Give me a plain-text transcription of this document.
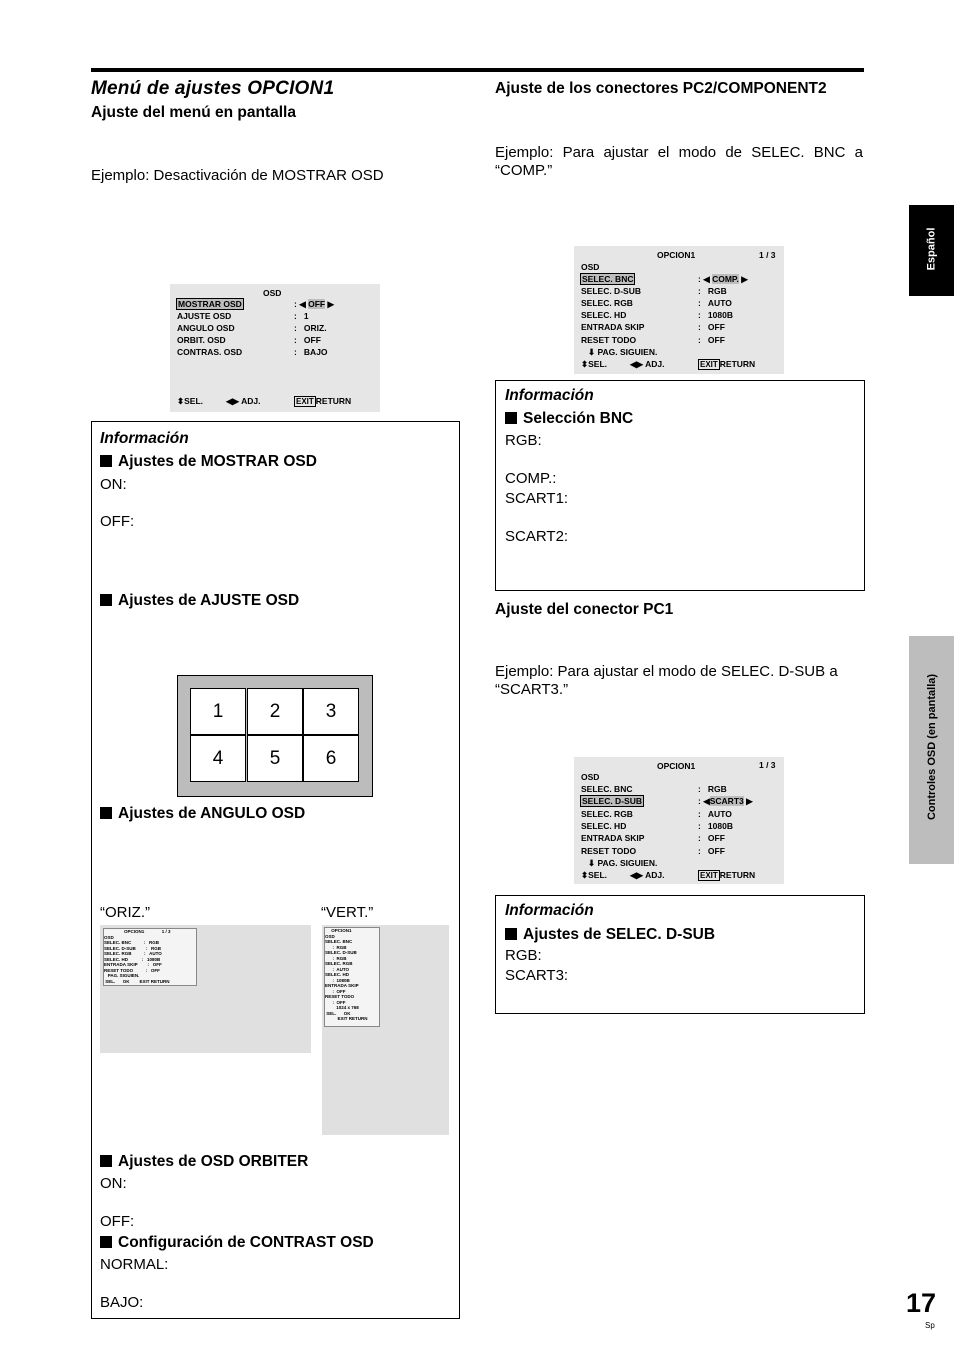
Menú de ajustes OPCION1
Ajuste del menú en pantalla
Ejemplo: Desactivación de MOSTRAR OSD
OSD
MOSTRAR OSD	: ◀ OFF ▶
AJUSTE OSD	:   1
ANGULO OSD	:   ORIZ.
ORBIT. OSD	:   OFF
CONTRAS. OSD	:   BAJO
⬍SEL.	◀▶ ADJ.	EXIT RETURN
Información
Ajustes de MOSTRAR OSD
ON:
OFF:
Ajustes de AJUSTE OSD
Ajustes de ANGULO OSD
“ORIZ.”	“VERT.”
Ajustes de OSD ORBITER
ON:
OFF:
Configuración de CONTRAST OSD
NORMAL:
BAJO:
1	2	3
4	5	6
OPCION1              1 / 3
OSD
SELEC. BNC          :   RGB
SELEC. D-SUB        :   RGB
SELEC. RGB          :   AUTO
SELEC. HD           :   1080B
ENTRADA SKIP        :   OFF
RESET TODO          :   OFF
PAG. SIGUIEN.
SEL.      OK        EXIT RETURN
OPCION1
OSD
SELEC. BNC
:  RGB
SELEC. D-SUB
:  RGB
SELEC. RGB
:  AUTO
SELEC. HD
:  1080B
ENTRADA SKIP
:  OFF
RESET TODO
:  OFF
1024 x 768
SEL.      OK
EXIT RETURN
Ajuste de los conectores PC2/COMPONENT2
Ejemplo: Para ajustar el modo de SELEC. BNC a “COMP.”
OPCION1	1 / 3
OSD
SELEC. BNC	: ◀ COMP. ▶
SELEC. D-SUB	:   RGB
SELEC. RGB	:   AUTO
SELEC. HD	:   1080B
ENTRADA SKIP	:   OFF
RESET TODO	:   OFF
⬇ PAG. SIGUIEN.
⬍SEL.	◀▶ ADJ.	EXIT RETURN
Información
Selección BNC
RGB:
COMP.:
SCART1:
SCART2:
Ajuste del conector PC1
Ejemplo: Para ajustar el modo de SELEC. D-SUB a “SCART3.”
OPCION1	1 / 3
OSD
SELEC. BNC	:   RGB
SELEC. D-SUB	: ◀SCART3 ▶
SELEC. RGB	:   AUTO
SELEC. HD	:   1080B
ENTRADA SKIP	:   OFF
RESET TODO	:   OFF
⬇ PAG. SIGUIEN.
⬍SEL.	◀▶ ADJ.	EXIT RETURN
Información
Ajustes de SELEC. D-SUB
RGB:
SCART3:
Español
Controles OSD (en pantalla)
17
Sp
